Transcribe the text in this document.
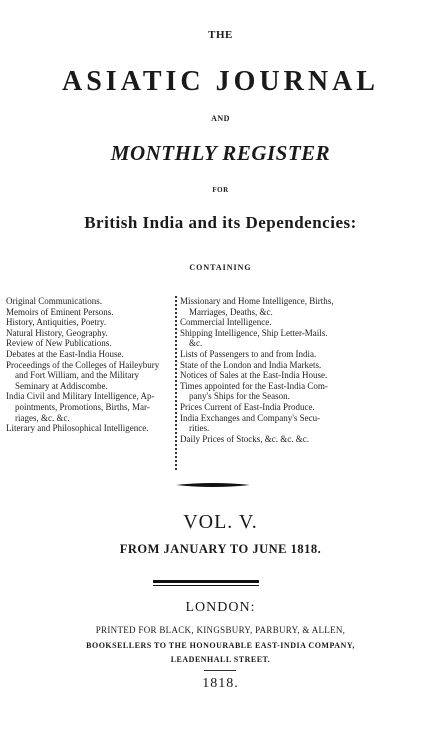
THE
ASIATIC JOURNAL
AND
MONTHLY REGISTER
FOR
British India and its Dependencies:
CONTAINING
Original Communications.
Memoirs of Eminent Persons.
History, Antiquities, Poetry.
Natural History, Geography.
Review of New Publications.
Debates at the East-India House.
Proceedings of the Colleges of Haileybury
and Fort William, and the Military
Seminary at Addiscombe.
India Civil and Military Intelligence, Ap-
pointments, Promotions, Births, Mar-
riages, &c. &c.
Literary and Philosophical Intelligence.
Missionary and Home Intelligence, Births,
Marriages, Deaths, &c.
Commercial Intelligence.
Shipping Intelligence, Ship Letter-Mails.
&c.
Lists of Passengers to and from India.
State of the London and India Markets.
Notices of Sales at the East-India House.
Times appointed for the East-India Com-
pany's Ships for the Season.
Prices Current of East-India Produce.
India Exchanges and Company's Secu-
rities.
Daily Prices of Stocks, &c. &c. &c.
VOL. V.
FROM JANUARY TO JUNE 1818.
LONDON:
PRINTED FOR BLACK, KINGSBURY, PARBURY, & ALLEN,
BOOKSELLERS TO THE HONOURABLE EAST-INDIA COMPANY,
LEADENHALL STREET.
1818.
